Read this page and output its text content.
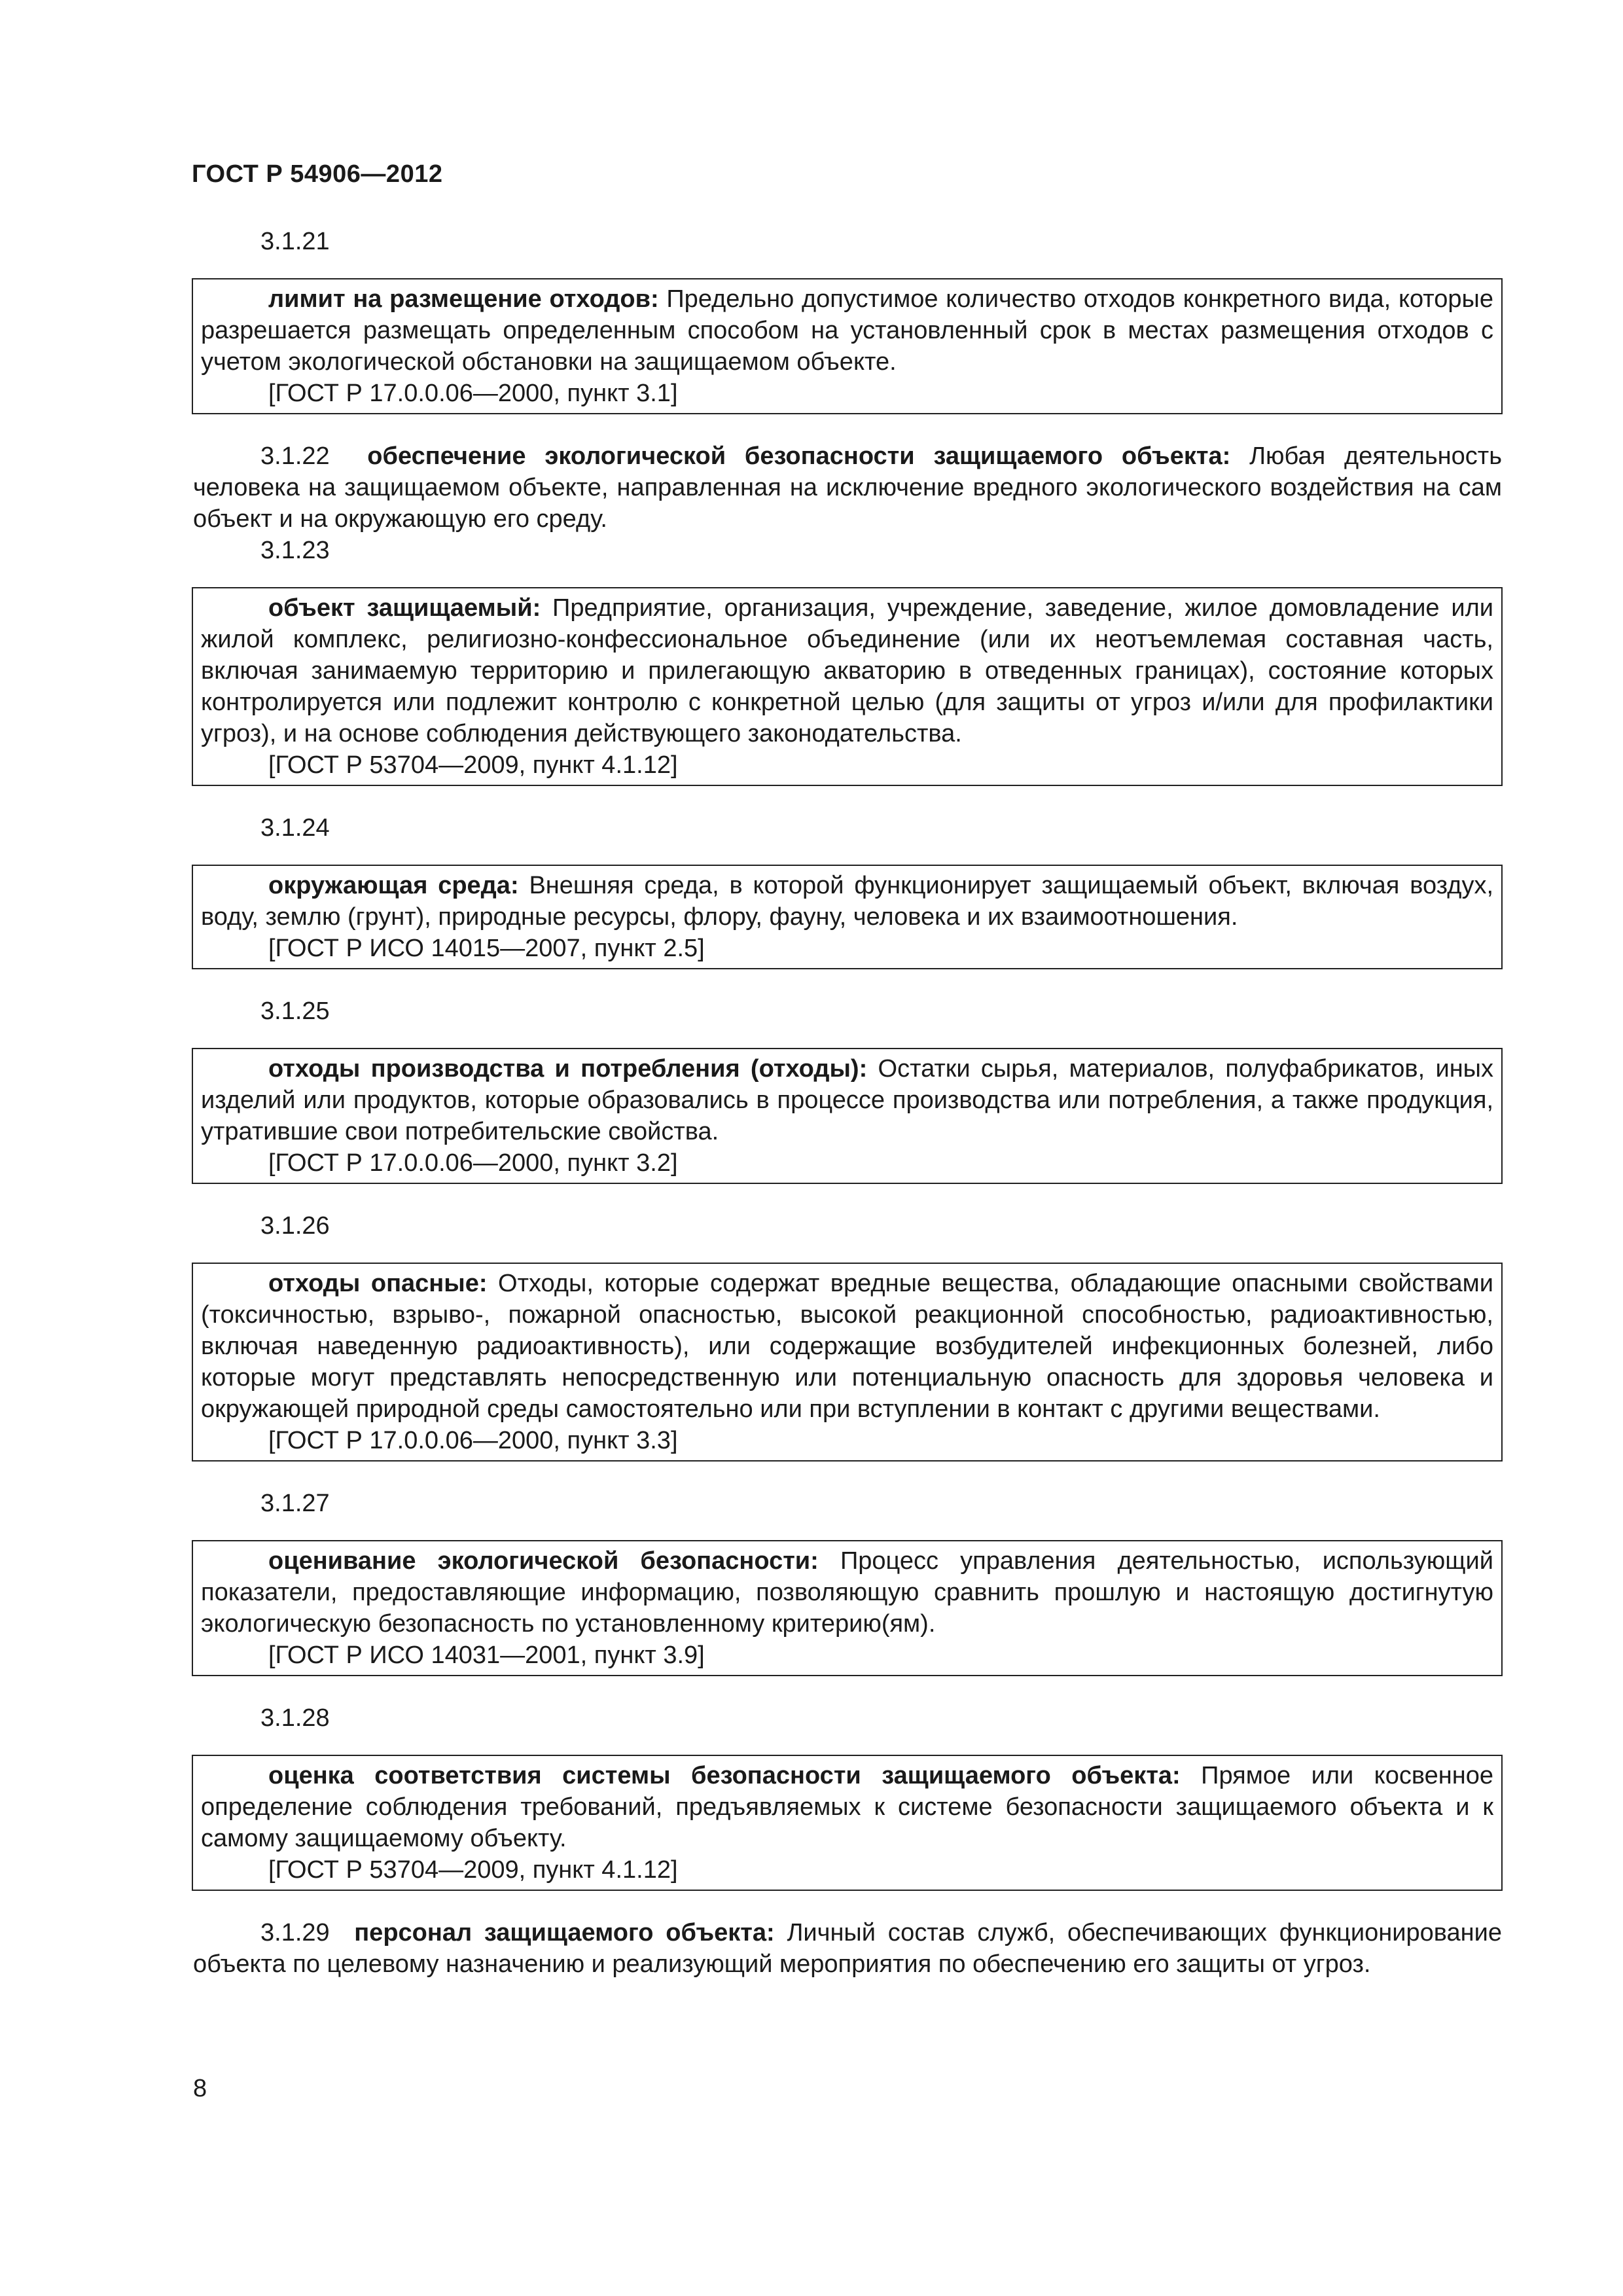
ГОСТ Р 54906—2012

3.1.21

лимит на размещение отходов: Предельно допустимое количество отходов конкретного вида, которые разрешается размещать определенным способом на установленный срок в местах размещения отходов с учетом экологической обстановки на защищаемом объекте.

[ГОСТ Р 17.0.0.06—2000, пункт 3.1]

3.1.22 обеспечение экологической безопасности защищаемого объекта: Любая деятельность человека на защищаемом объекте, направленная на исключение вредного экологического воздействия на сам объект и на окружающую его среду.

3.1.23

объект защищаемый: Предприятие, организация, учреждение, заведение, жилое домовладение или жилой комплекс, религиозно-конфессиональное объединение (или их неотъемлемая составная часть, включая занимаемую территорию и прилегающую акваторию в отведенных границах), состояние которых контролируется или подлежит контролю с конкретной целью (для защиты от угроз и/или для профилактики угроз), и на основе соблюдения действующего законодательства.

[ГОСТ Р 53704—2009, пункт 4.1.12]

3.1.24

окружающая среда: Внешняя среда, в которой функционирует защищаемый объект, включая воздух, воду, землю (грунт), природные ресурсы, флору, фауну, человека и их взаимоотношения.

[ГОСТ Р ИСО 14015—2007, пункт 2.5]

3.1.25

отходы производства и потребления (отходы): Остатки сырья, материалов, полуфабрикатов, иных изделий или продуктов, которые образовались в процессе производства или потребления, а также продукция, утратившие свои потребительские свойства.

[ГОСТ Р 17.0.0.06—2000, пункт 3.2]

3.1.26

отходы опасные: Отходы, которые содержат вредные вещества, обладающие опасными свойствами (токсичностью, взрыво-, пожарной опасностью, высокой реакционной способностью, радиоактивностью, включая наведенную радиоактивность), или содержащие возбудителей инфекционных болезней, либо которые могут представлять непосредственную или потенциальную опасность для здоровья человека и окружающей природной среды самостоятельно или при вступлении в контакт с другими веществами.

[ГОСТ Р 17.0.0.06—2000, пункт 3.3]

3.1.27

оценивание экологической безопасности: Процесс управления деятельностью, использующий показатели, предоставляющие информацию, позволяющую сравнить прошлую и настоящую достигнутую экологическую безопасность по установленному критерию(ям).

[ГОСТ Р ИСО 14031—2001, пункт 3.9]

3.1.28

оценка соответствия системы безопасности защищаемого объекта: Прямое или косвенное определение соблюдения требований, предъявляемых к системе безопасности защищаемого объекта и к самому защищаемому объекту.

[ГОСТ Р 53704—2009, пункт 4.1.12]

3.1.29 персонал защищаемого объекта: Личный состав служб, обеспечивающих функционирование объекта по целевому назначению и реализующий мероприятия по обеспечению его защиты от угроз.

8
